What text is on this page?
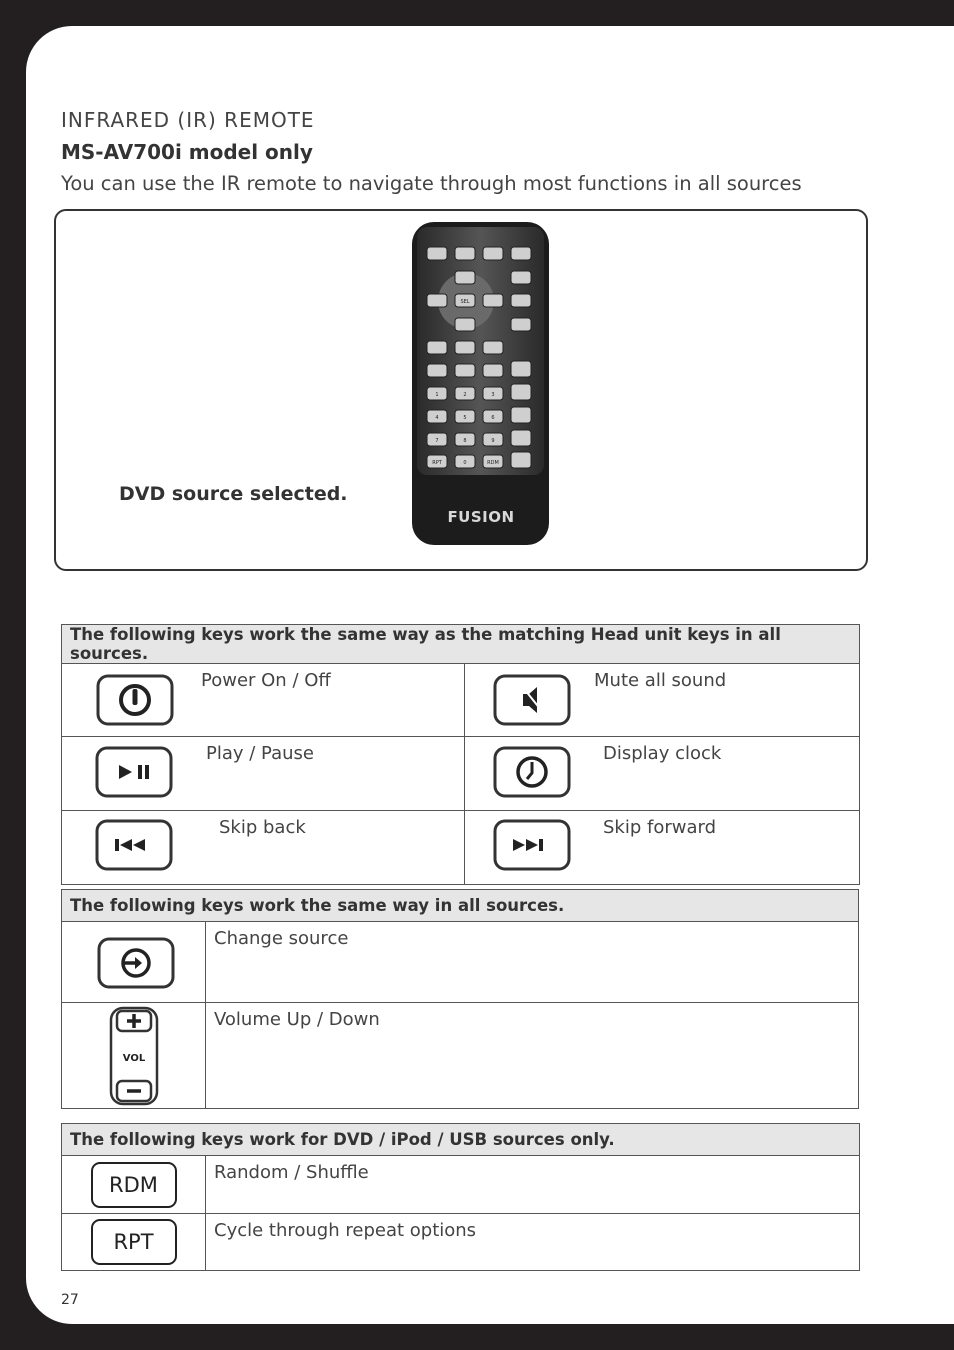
INFRARED (IR) REMOTE
MS-AV700i model only
You can use the IR remote to navigate through most functions in all sources
DVD source selected.
SEL
RPT	RDM
1	2	3
4	5	6
7	8	9
0
FUSION
The following keys work the same way as the matching Head unit keys in all sources.	

Power On / Off	Mute all sound

Play / Pause	Display clock

Skip back	Skip forward
The following keys work the same way in all sources.	

Change source

VOL	Volume Up / Down
The following keys work for DVD / iPod / USB sources only.	
RDM	Random / Shuffle

RPT	Cycle through repeat options
27
